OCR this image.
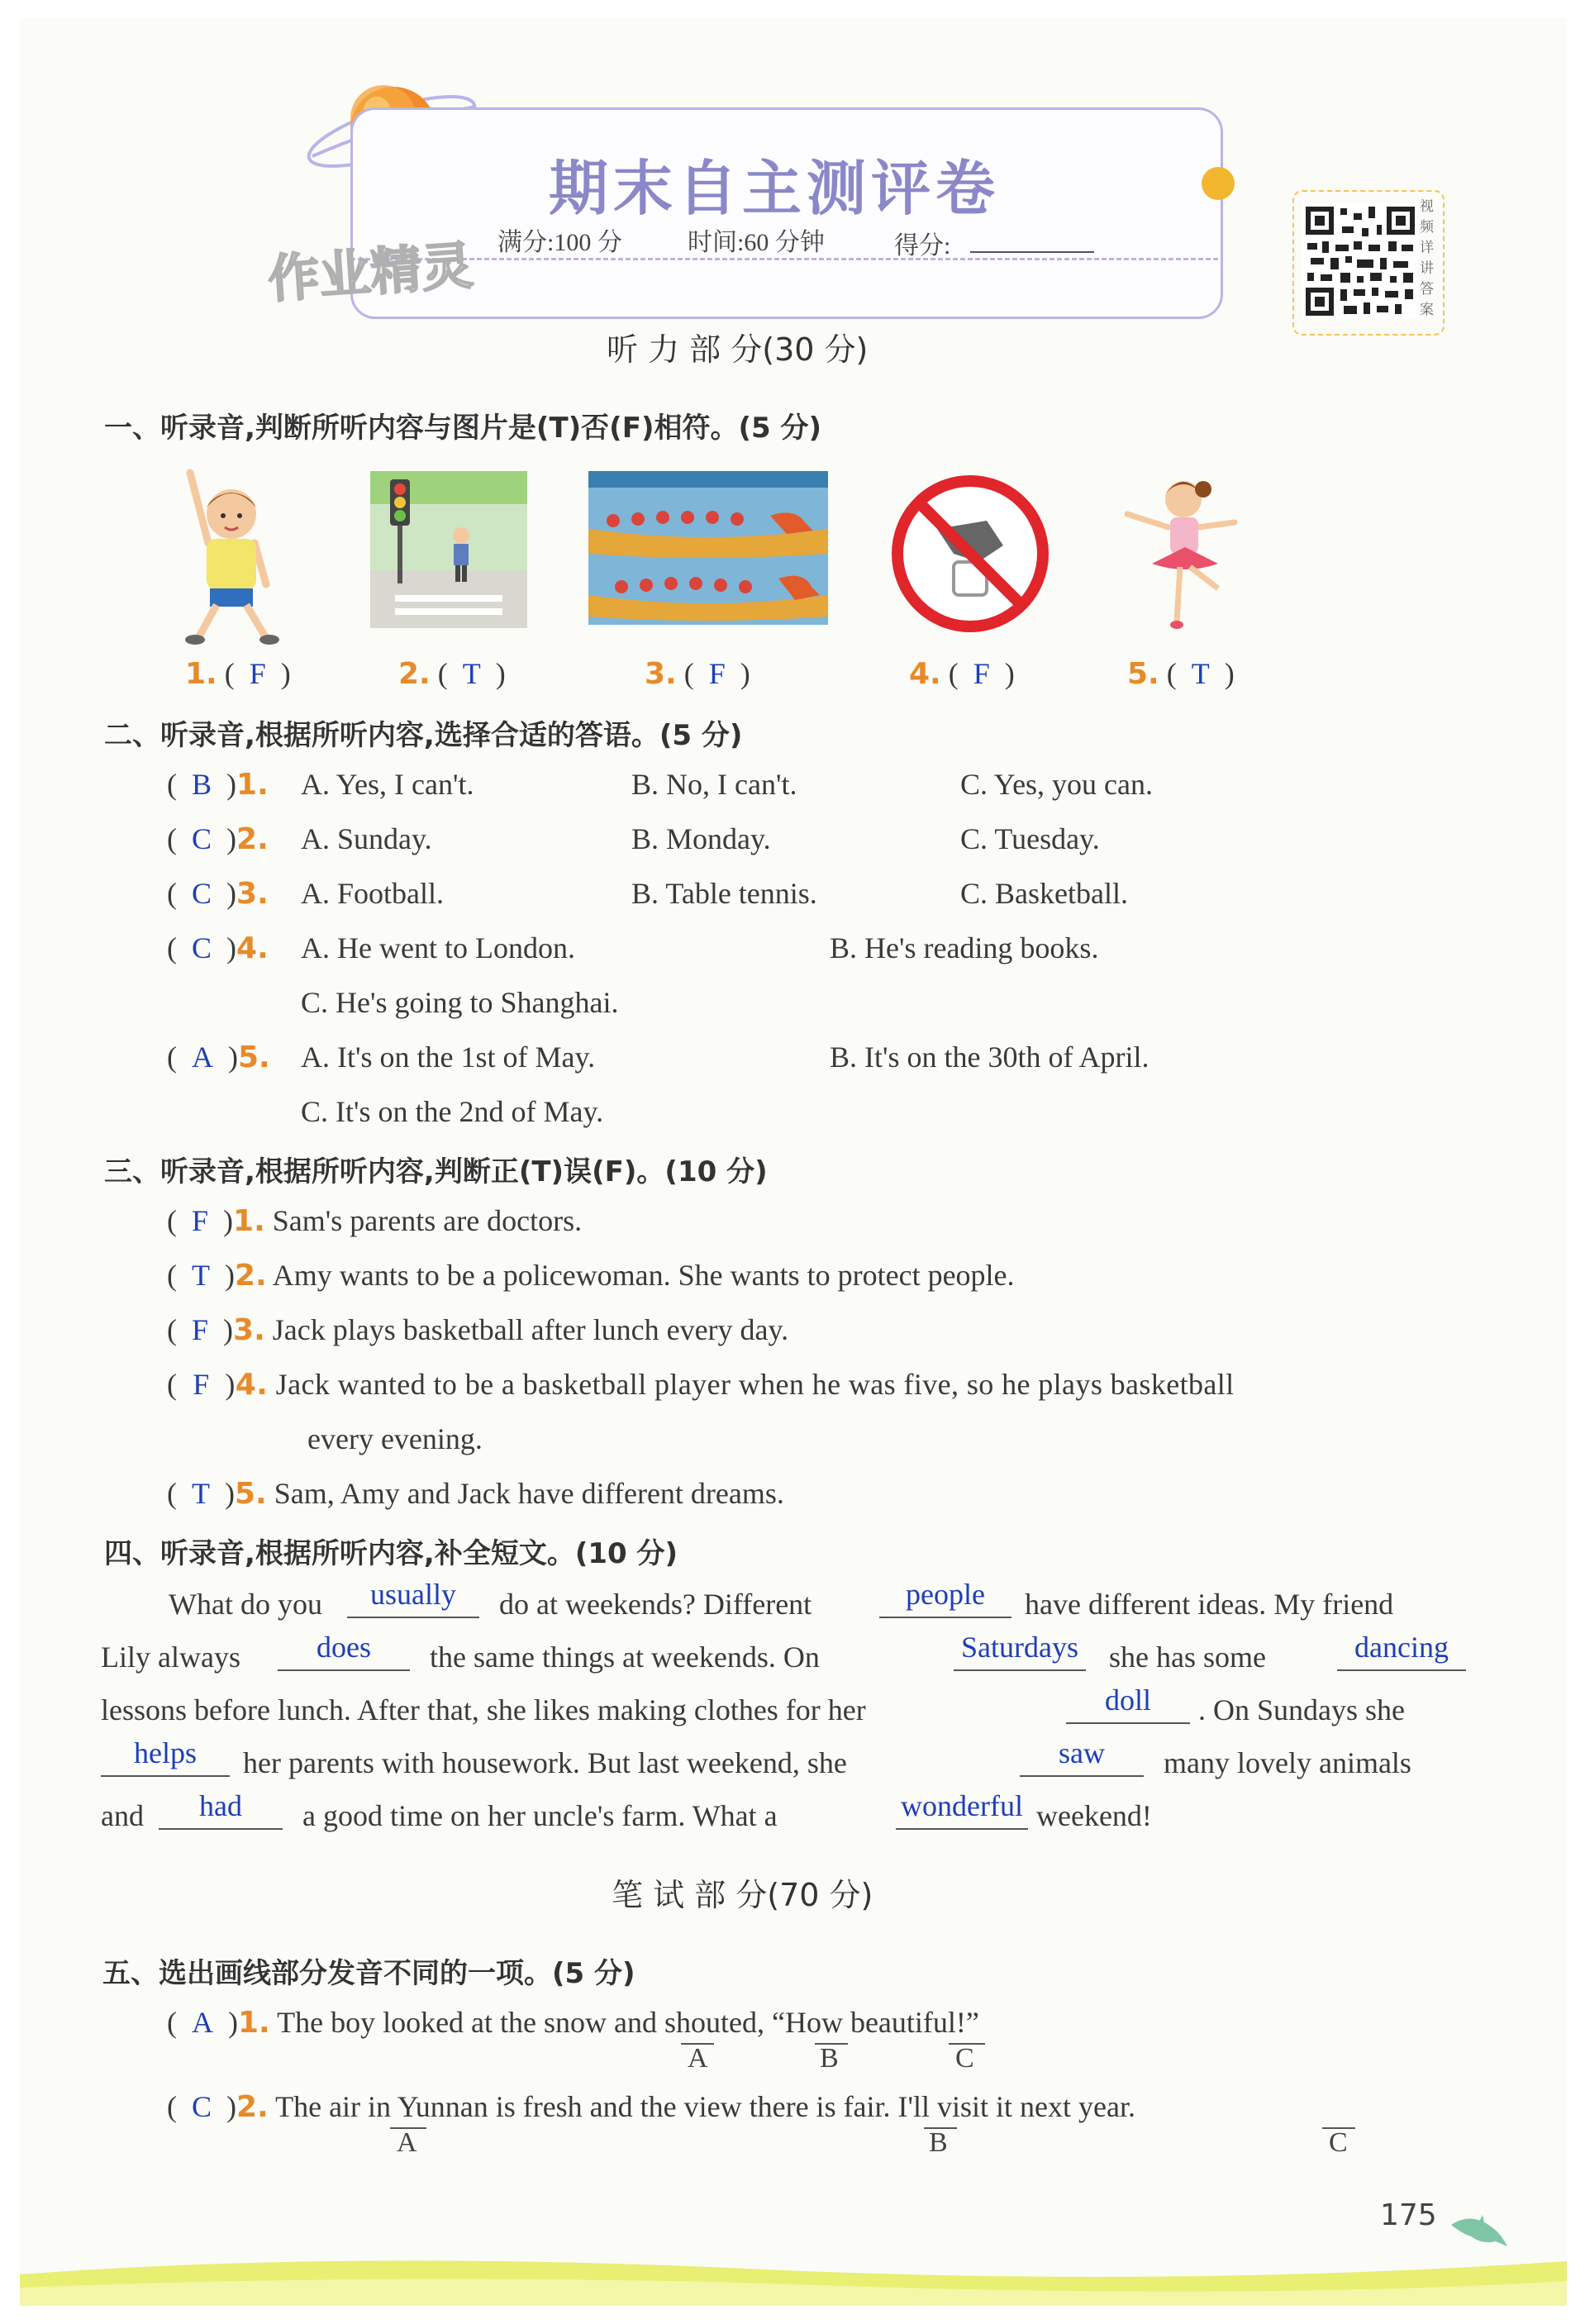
期末自主测评卷
作业精灵 满分:100 分	时间:60 分钟	得分:
视频详讲答案
听 力 部 分(30 分)
一、听录音,判断所听内容与图片是(T)否(F)相符。(5 分)
1. (  F  )	2. (  T  )	3. (  F  )	4. (  F  )	5. (  T  )
二、听录音,根据所听内容,选择合适的答语。(5 分)
(  B  )1. A. Yes, I can't.	B. No, I can't.	C. Yes, you can.
(  C  )2. A. Sunday.	B. Monday.	C. Tuesday.
(  C  )3. A. Football.	B. Table tennis.	C. Basketball.
(  C  )4. A. He went to London.	B. He's reading books.
C. He's going to Shanghai.
(  A  )5. A. It's on the 1st of May.	B. It's on the 30th of April.
C. It's on the 2nd of May.
三、听录音,根据所听内容,判断正(T)误(F)。(10 分)
(  F  )1. Sam's parents are doctors.
(  T  )2. Amy wants to be a policewoman. She wants to protect people.
(  F  )3. Jack plays basketball after lunch every day.
(  F  )4. Jack wanted to be a basketball player when he was five, so he plays basketball
every evening.
(  T  )5. Sam, Amy and Jack have different dreams.
四、听录音,根据所听内容,补全短文。(10 分)
What do you	usually	do at weekends? Different	people	have different ideas. My friend
Lily always	does	the same things at weekends. On	Saturdays she has some	dancing
lessons before lunch. After that, she likes making clothes for her	doll	. On Sundays she
helps	her parents with housework. But last weekend, she	saw	many lovely animals
and	had	a good time on her uncle's farm. What a	wonderful weekend!
笔 试 部 分(70 分)
五、选出画线部分发音不同的一项。(5 分)
(  A  )1. The boy looked at the snow and shouted, “How beautiful!”
A	B	C
(  C  )2. The air in Yunnan is fresh and the view there is fair. I'll visit it next year.
A	B	C
175
